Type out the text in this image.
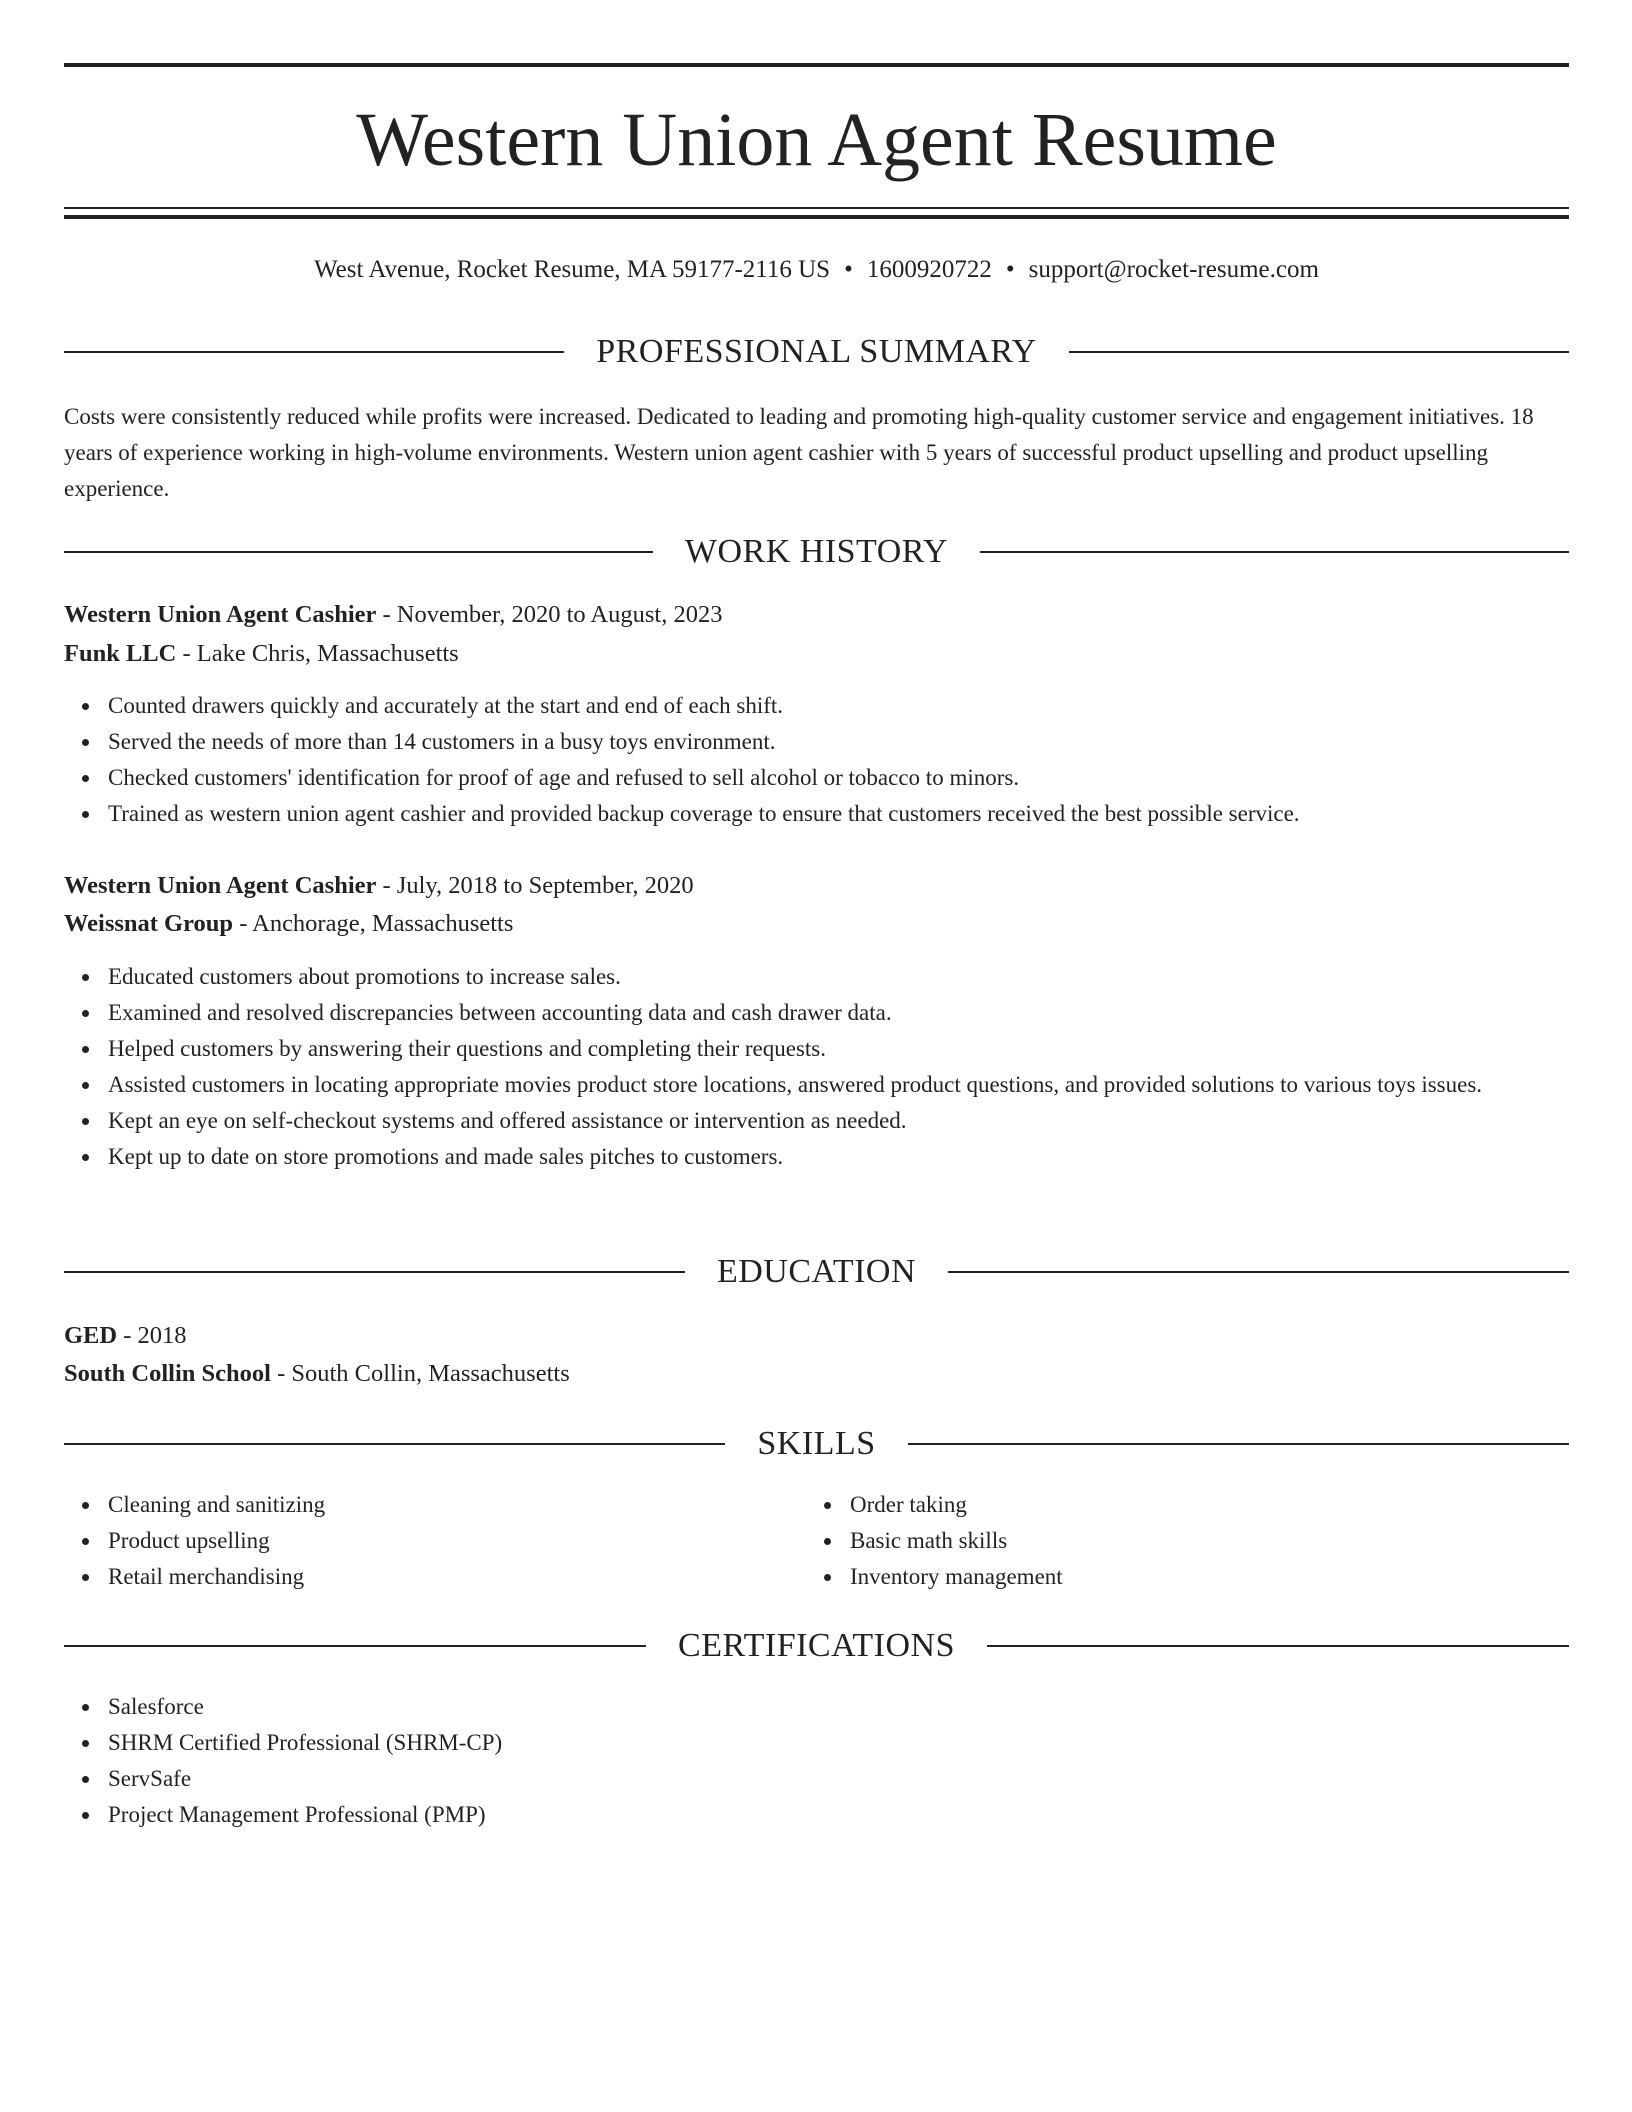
Western Union Agent Resume
West Avenue, Rocket Resume, MA 59177-2116 US • 1600920722 • support@rocket-resume.com
PROFESSIONAL SUMMARY

Costs were consistently reduced while profits were increased. Dedicated to leading and promoting high-quality customer service and engagement initiatives. 18 years of experience working in high-volume environments. Western union agent cashier with 5 years of successful product upselling and product upselling experience.

WORK HISTORY
Western Union Agent Cashier - November, 2020 to August, 2023
Funk LLC - Lake Chris, Massachusetts
Counted drawers quickly and accurately at the start and end of each shift.
Served the needs of more than 14 customers in a busy toys environment.
Checked customers' identification for proof of age and refused to sell alcohol or tobacco to minors.
Trained as western union agent cashier and provided backup coverage to ensure that customers received the best possible service.
Western Union Agent Cashier - July, 2018 to September, 2020
Weissnat Group - Anchorage, Massachusetts
Educated customers about promotions to increase sales.
Examined and resolved discrepancies between accounting data and cash drawer data.
Helped customers by answering their questions and completing their requests.
Assisted customers in locating appropriate movies product store locations, answered product questions, and provided solutions to various toys issues.
Kept an eye on self-checkout systems and offered assistance or intervention as needed.
Kept up to date on store promotions and made sales pitches to customers.
EDUCATION
GED - 2018
South Collin School - South Collin, Massachusetts
SKILLS
Cleaning and sanitizing
Product upselling
Retail merchandising
Order taking
Basic math skills
Inventory management
CERTIFICATIONS
Salesforce
SHRM Certified Professional (SHRM-CP)
ServSafe
Project Management Professional (PMP)
